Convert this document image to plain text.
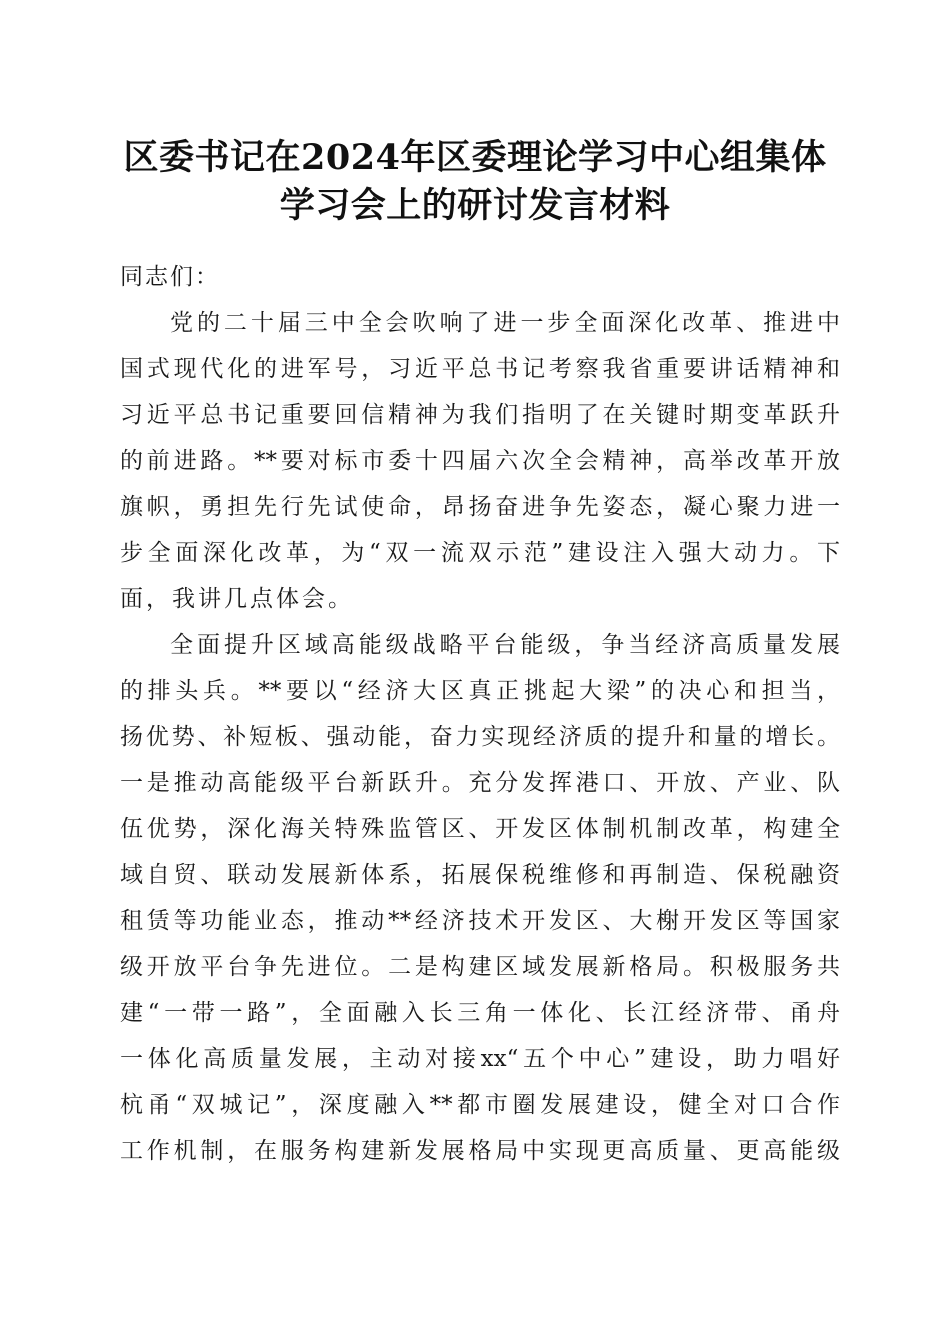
区委书记在2024年区委理论学习中心组集体
学习会上的研讨发言材料
同志们：
党的二十届三中全会吹响了进一步全面深化改革、推进中
国式现代化的进军号，习近平总书记考察我省重要讲话精神和
习近平总书记重要回信精神为我们指明了在关键时期变革跃升
的前进路。**要对标市委十四届六次全会精神，高举改革开放
旗帜，勇担先行先试使命，昂扬奋进争先姿态，凝心聚力进一
步全面深化改革，为“双一流双示范”建设注入强大动力。下
面，我讲几点体会。
全面提升区域高能级战略平台能级，争当经济高质量发展
的排头兵。**要以“经济大区真正挑起大梁”的决心和担当，
扬优势、补短板、强动能，奋力实现经济质的提升和量的增长。
一是推动高能级平台新跃升。充分发挥港口、开放、产业、队
伍优势，深化海关特殊监管区、开发区体制机制改革，构建全
域自贸、联动发展新体系，拓展保税维修和再制造、保税融资
租赁等功能业态，推动**经济技术开发区、大榭开发区等国家
级开放平台争先进位。二是构建区域发展新格局。积极服务共
建“一带一路”，全面融入长三角一体化、长江经济带、甬舟
一体化高质量发展，主动对接xx“五个中心”建设，助力唱好
杭甬“双城记”，深度融入**都市圈发展建设，健全对口合作
工作机制，在服务构建新发展格局中实现更高质量、更高能级
